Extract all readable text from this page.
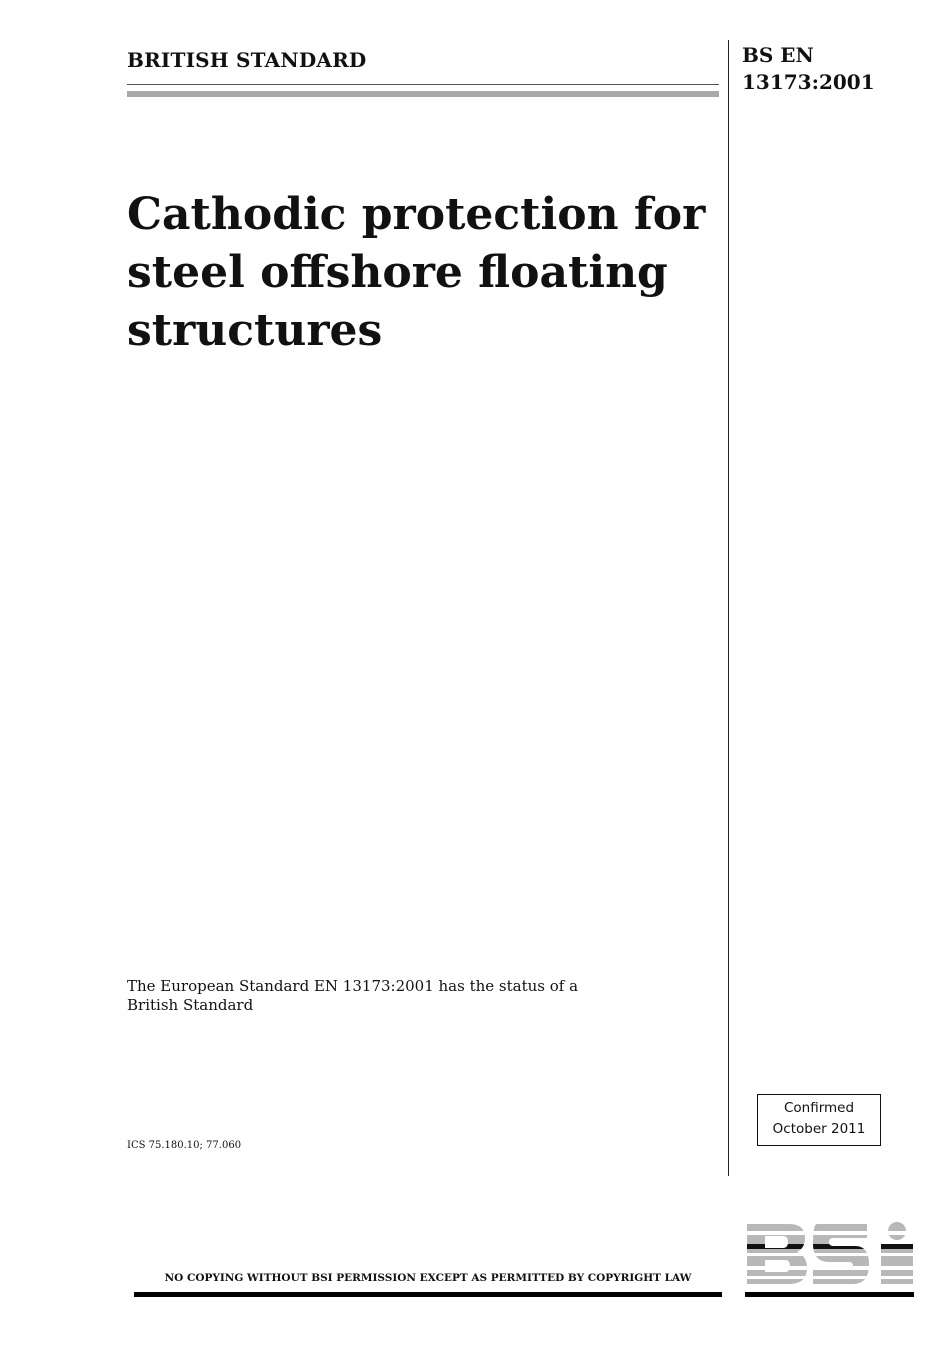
BRITISH STANDARD	BS EN
13173:2001
Cathodic protection for
steel offshore floating
structures
The European Standard EN 13173:2001 has the status of a
British Standard
ICS 75.180.10; 77.060
Confirmed
October 2011
NO COPYING WITHOUT BSI PERMISSION EXCEPT AS PERMITTED BY COPYRIGHT LAW
